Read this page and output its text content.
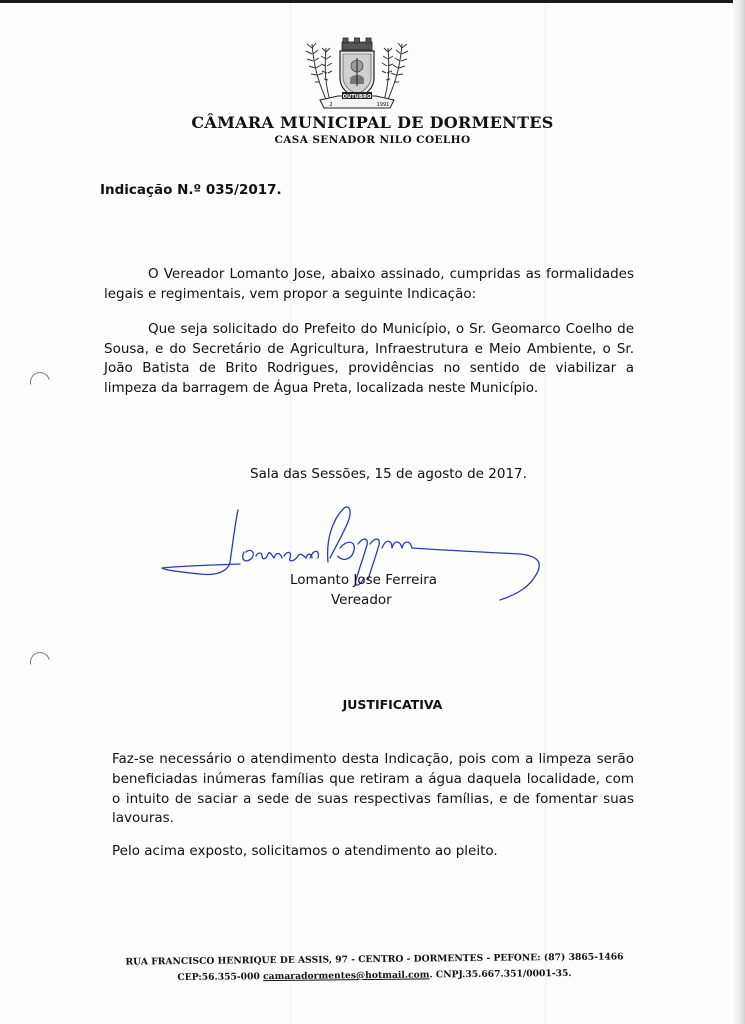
OUTUBRO
2	1991
CÂMARA MUNICIPAL DE DORMENTES
CASA SENADOR NILO COELHO
Indicação N.º 035/2017.
O Vereador Lomanto Jose, abaixo assinado, cumpridas as formalidades legais e regimentais, vem propor a seguinte Indicação:
Que seja solicitado do Prefeito do Município, o Sr. Geomarco Coelho de Sousa, e do Secretário de Agricultura, Infraestrutura e Meio Ambiente, o Sr. João Batista de Brito Rodrigues, providências no sentido de viabilizar a limpeza da barragem de Água Preta, localizada neste Município.
Sala das Sessões, 15 de agosto de 2017.
Lomanto Jose Ferreira
Vereador
JUSTIFICATIVA
Faz-se necessário o atendimento desta Indicação, pois com a limpeza serão beneficiadas inúmeras famílias que retiram a água daquela localidade, com o intuito de saciar a sede de suas respectivas famílias, e de fomentar suas lavouras.
Pelo acima exposto, solicitamos o atendimento ao pleito.
RUA FRANCISCO HENRIQUE DE ASSIS, 97 - CENTRO - DORMENTES - PEFONE: (87) 3865-1466
CEP:56.355-000 camaradormentes@hotmail.com. CNPJ.35.667.351/0001-35.
